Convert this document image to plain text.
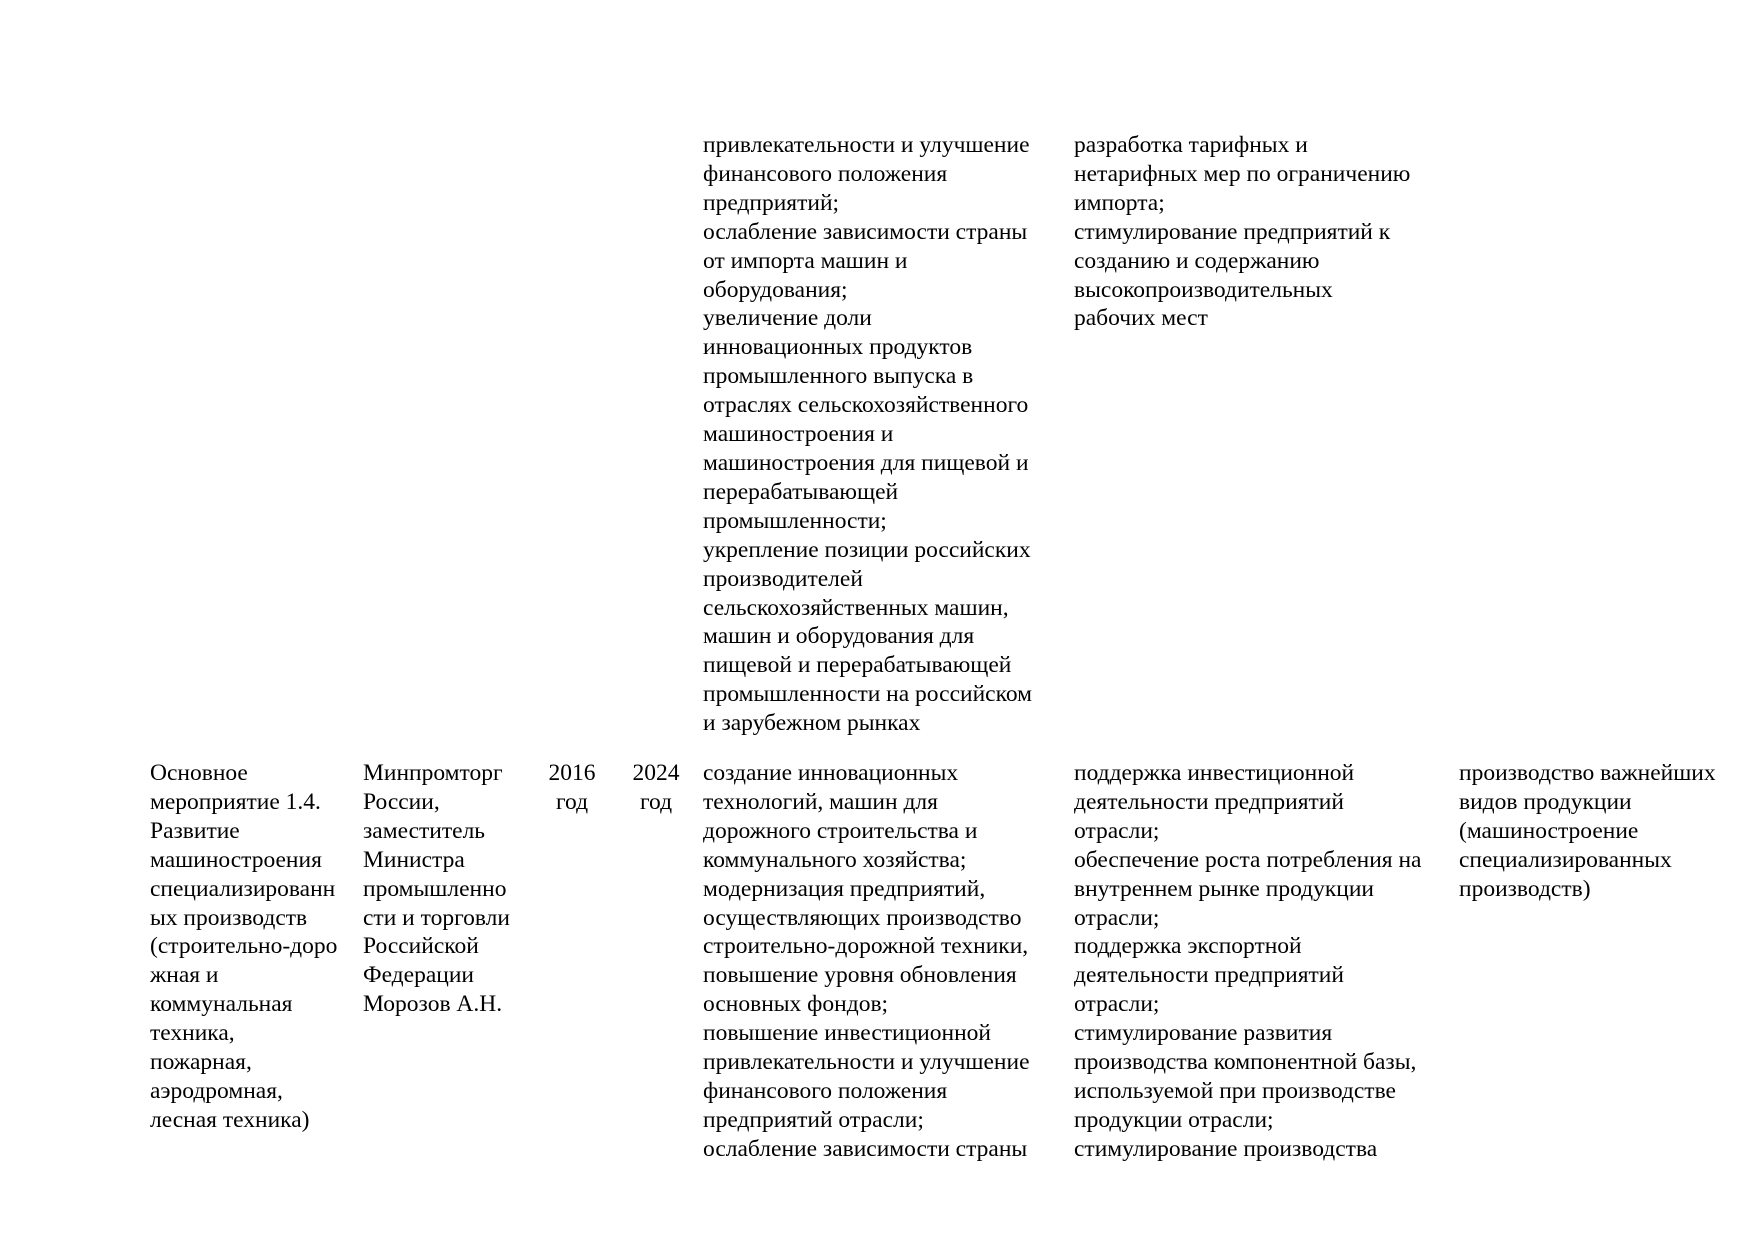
привлекательности и улучшение
финансового положения
предприятий;
ослабление зависимости страны
от импорта машин и
оборудования;
увеличение доли
инновационных продуктов
промышленного выпуска в
отраслях сельскохозяйственного
машиностроения и
машиностроения для пищевой и
перерабатывающей
промышленности;
укрепление позиции российских
производителей
сельскохозяйственных машин,
машин и оборудования для
пищевой и перерабатывающей
промышленности на российском
и зарубежном рынках
разработка тарифных и
нетарифных мер по ограничению
импорта;
стимулирование предприятий к
созданию и содержанию
высокопроизводительных
рабочих мест
Основное
мероприятие 1.4.
Развитие
машиностроения
специализированн
ых производств
(строительно-доро
жная и
коммунальная
техника,
пожарная,
аэродромная,
лесная техника)
Минпромторг
России,
заместитель
Министра
промышленно
сти и торговли
Российской
Федерации
Морозов А.Н.
2016
год
2024
год
создание инновационных
технологий, машин для
дорожного строительства и
коммунального хозяйства;
модернизация предприятий,
осуществляющих производство
строительно-дорожной техники,
повышение уровня обновления
основных фондов;
повышение инвестиционной
привлекательности и улучшение
финансового положения
предприятий отрасли;
ослабление зависимости страны
поддержка инвестиционной
деятельности предприятий
отрасли;
обеспечение роста потребления на
внутреннем рынке продукции
отрасли;
поддержка экспортной
деятельности предприятий
отрасли;
стимулирование развития
производства компонентной базы,
используемой при производстве
продукции отрасли;
стимулирование производства
производство важнейших
видов продукции
(машиностроение
специализированных
производств)
